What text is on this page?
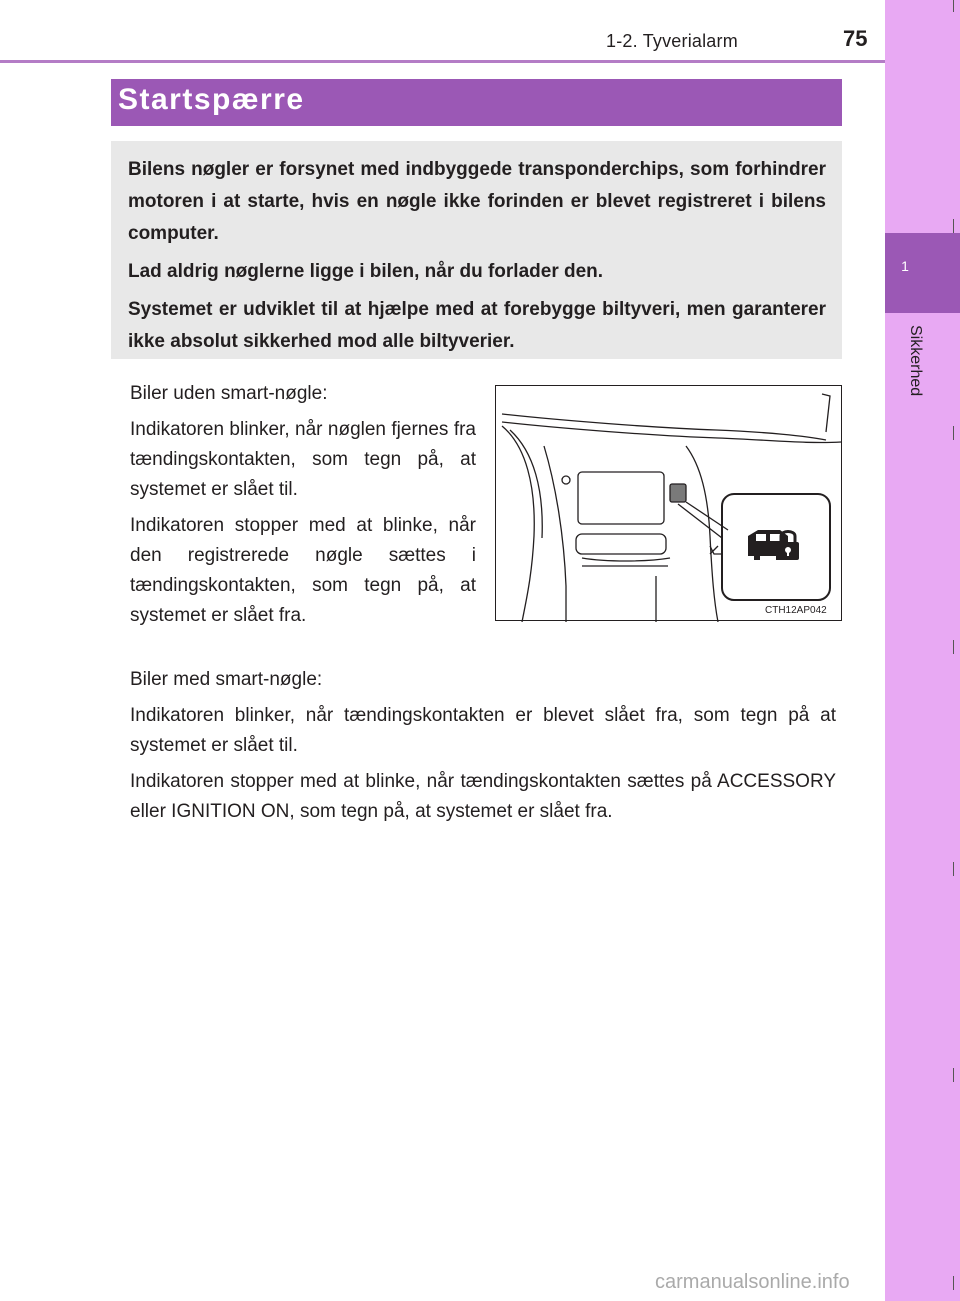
1-2. Tyverialarm	75
1
Sikkerhed
Startspærre

Bilens nøgler er forsynet med indbyggede transponderchips, som forhindrer motoren i at starte, hvis en nøgle ikke forinden er blevet registreret i bilens computer.

Lad aldrig nøglerne ligge i bilen, når du forlader den.

Systemet er udviklet til at hjælpe med at forebygge biltyveri, men garanterer ikke absolut sikkerhed mod alle biltyverier.

Biler uden smart-nøgle:

Indikatoren blinker, når nøglen fjernes fra tændingskontakten, som tegn på, at systemet er slået til.

Indikatoren stopper med at blinke, når den registrerede nøgle sættes i tændingskontakten, som tegn på, at systemet er slået fra.	CTH12AP042

Biler med smart-nøgle:

Indikatoren blinker, når tændingskontakten er blevet slået fra, som tegn på at systemet er slået til.

Indikatoren stopper med at blinke, når tændingskontakten sættes på ACCESSORY eller IGNITION ON, som tegn på, at systemet er slået fra.

carmanualsonline.info
